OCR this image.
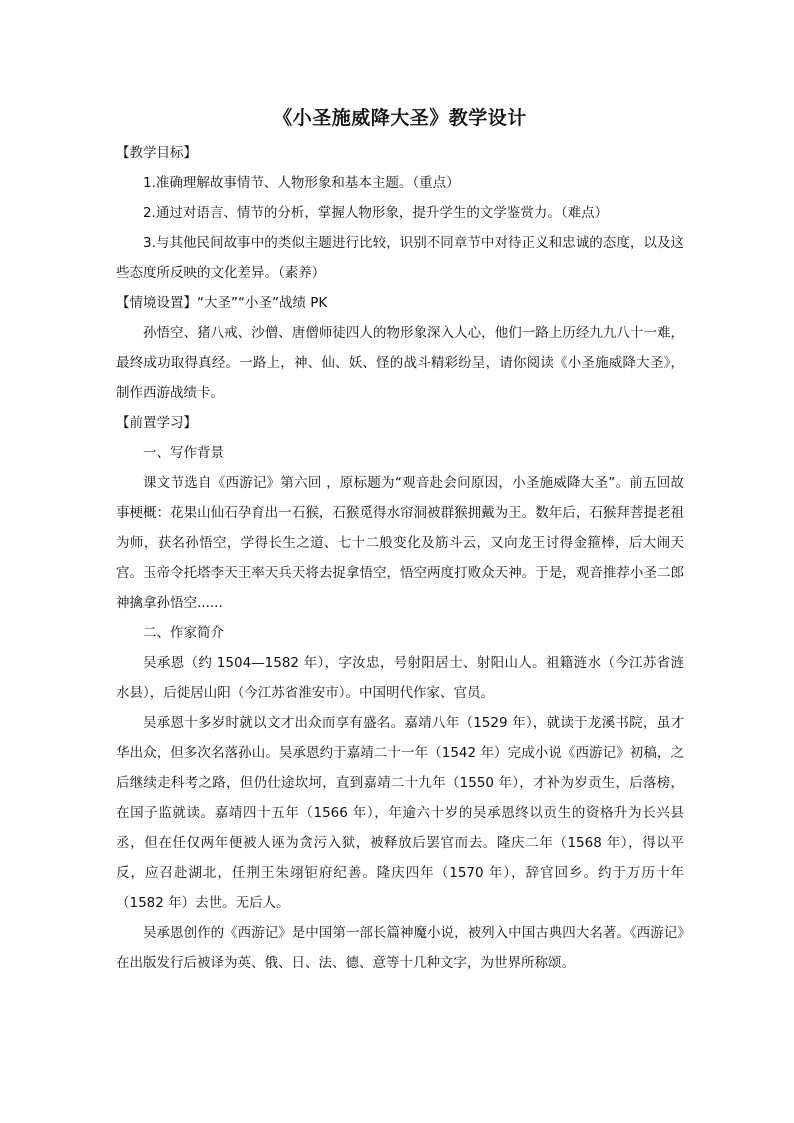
《小圣施威降大圣》教学设计

【教学目标】

1.准确理解故事情节、人物形象和基本主题。（重点）

2.通过对语言、情节的分析，掌握人物形象，提升学生的文学鉴赏力。（难点）

3.与其他民间故事中的类似主题进行比较，识别不同章节中对待正义和忠诚的态度，以及这些态度所反映的文化差异。（素养）

【情境设置】“大圣”“小圣”战绩 PK

孙悟空、猪八戒、沙僧、唐僧师徒四人的物形象深入人心，他们一路上历经九九八十一难，最终成功取得真经。一路上，神、仙、妖、怪的战斗精彩纷呈，请你阅读《小圣施威降大圣》，制作西游战绩卡。

【前置学习】

一、写作背景

课文节选自《西游记》第六回 ，原标题为“观音赴会问原因，小圣施威降大圣”。前五回故事梗概：花果山仙石孕育出一石猴，石猴觅得水帘洞被群猴拥戴为王。数年后，石猴拜菩提老祖为师，获名孙悟空，学得长生之道、七十二般变化及筋斗云，又向龙王讨得金箍棒，后大闹天宫。玉帝令托塔李天王率天兵天将去捉拿悟空，悟空两度打败众天神。于是，观音推荐小圣二郎神擒拿孙悟空......

二、作家简介

吴承恩（约 1504—1582 年），字汝忠，号射阳居士、射阳山人。祖籍涟水（今江苏省涟水县），后徙居山阳（今江苏省淮安市）。中国明代作家、官员。

吴承恩十多岁时就以文才出众而享有盛名。嘉靖八年（1529 年），就读于龙溪书院，虽才华出众，但多次名落孙山。吴承恩约于嘉靖二十一年（1542 年）完成小说《西游记》初稿，之后继续走科考之路，但仍仕途坎坷，直到嘉靖二十九年（1550 年），才补为岁贡生，后落榜，在国子监就读。嘉靖四十五年（1566 年），年逾六十岁的吴承恩终以贡生的资格升为长兴县丞，但在任仅两年便被人诬为贪污入狱，被释放后罢官而去。隆庆二年（1568 年），得以平反，应召赴湖北，任荆王朱翊钜府纪善。隆庆四年（1570 年），辞官回乡。约于万历十年（1582 年）去世。无后人。

吴承恩创作的《西游记》是中国第一部长篇神魔小说，被列入中国古典四大名著。《西游记》在出版发行后被译为英、俄、日、法、德、意等十几种文字，为世界所称颂。
